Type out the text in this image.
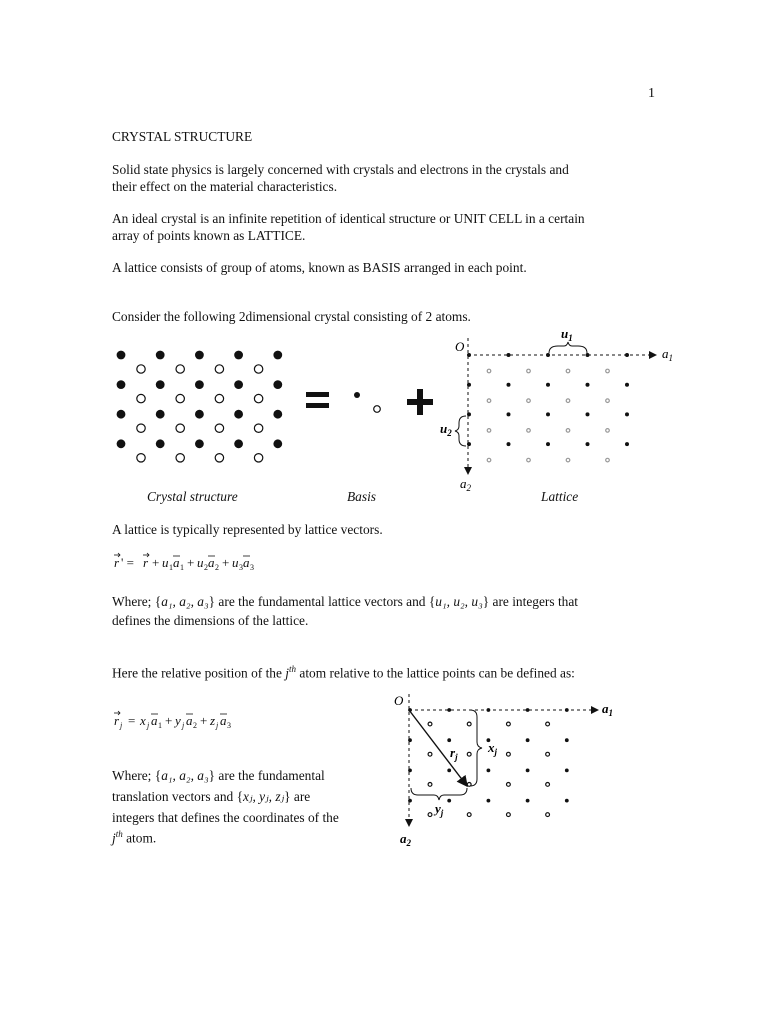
1

CRYSTAL STRUCTURE

Solid state physics is largely concerned with crystals and electrons in the crystals and

their effect on the material characteristics.

An ideal crystal is an infinite repetition of identical structure or UNIT CELL in a certain

array of points known as LATTICE.

A lattice consists of group of atoms, known as BASIS arranged in each point.

Consider the following 2dimensional crystal consisting of 2 atoms.

O
$u_1$
$u_2$
$a_1$
$a_2$
Crystal structure	Basis	Lattice

A lattice is typically represented by lattice vectors.

r ' = r + u 1 a 1 + u 2 a 2 + u 3 a 3
r' = r + u₁a₁ + u₂a₂ + u₃a₃
Where; {a₁, a₂, a₃} are the fundamental lattice vectors and {u₁, u₂, u₃} are integers that

defines the dimensions of the lattice.

Here the relative position of the $j^{th}$ atom relative to the lattice points can be defined as:
r j = x j a 1 + y j a 2 + z j a 3
rⱼ = xⱼa₁ + yⱼa₂ + zⱼa₃
Where; {a₁, a₂, a₃} are the fundamental
translation vectors and {xⱼ, yⱼ, zⱼ} are

integers that defines the coordinates of the

$j^{th}$ atom.
O
$a_1$
$a_2$
$r_j$
$x_j$
$y_j$
